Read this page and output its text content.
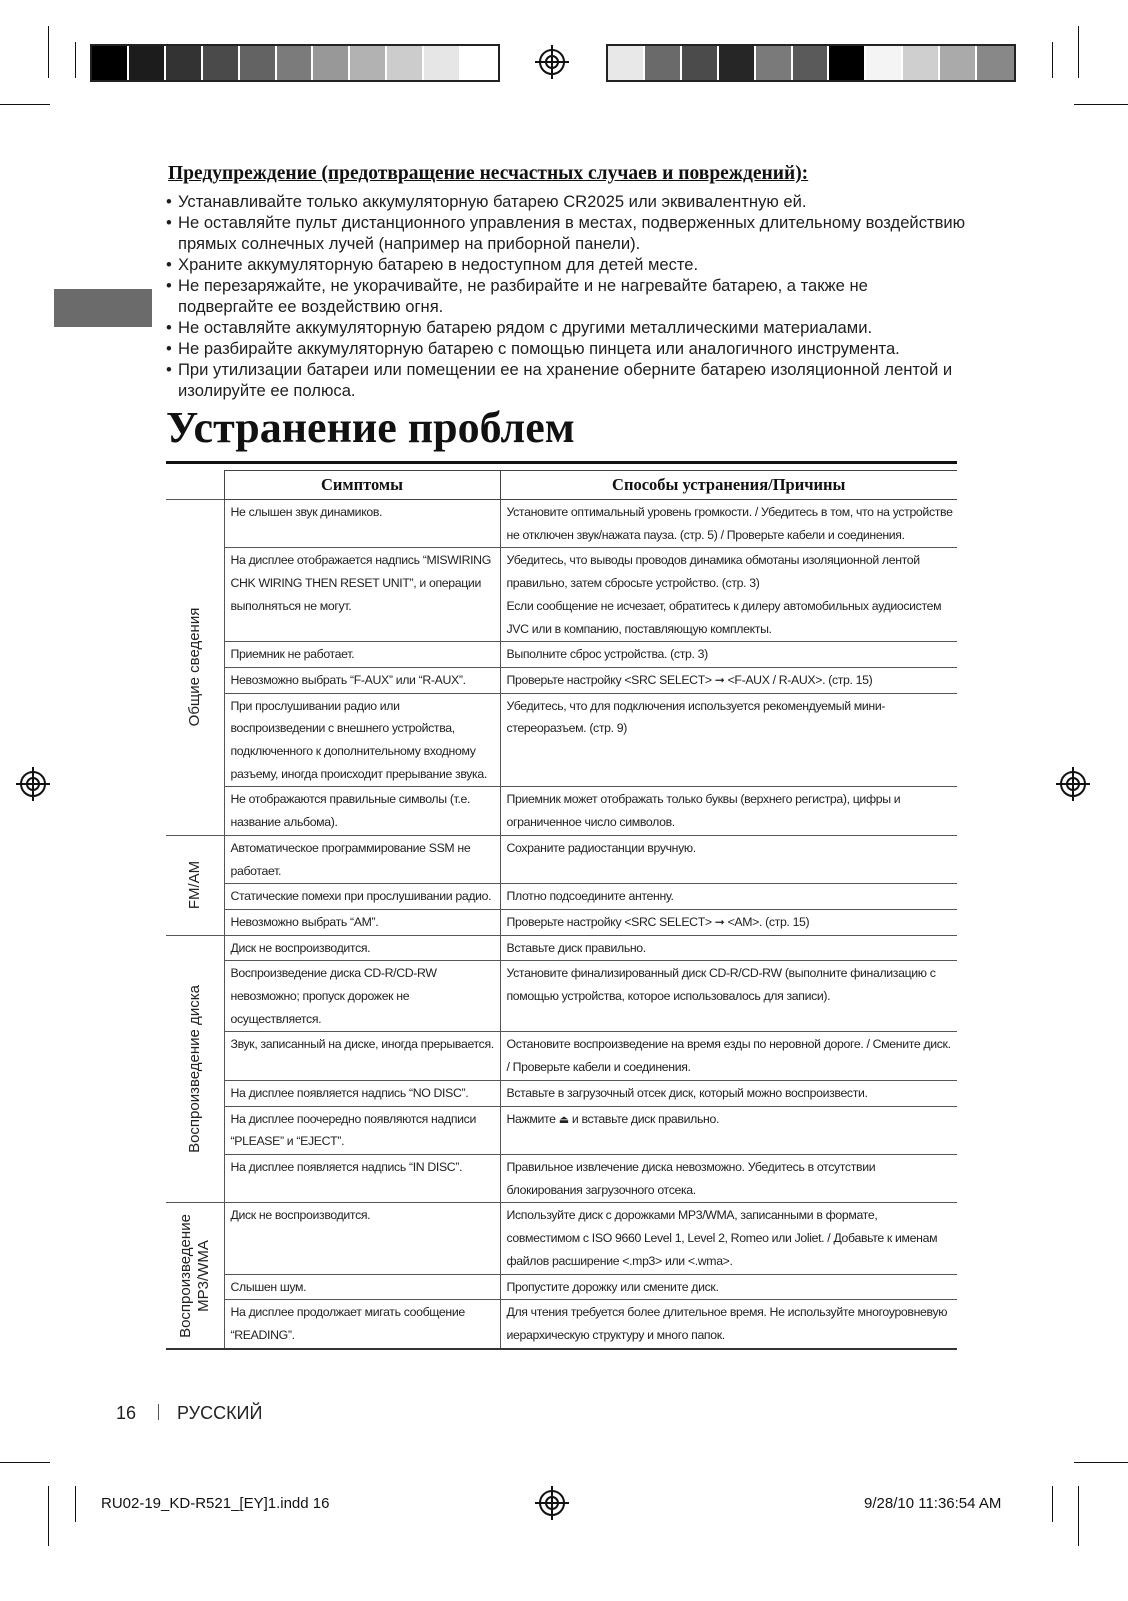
Предупреждение (предотвращение несчастных случаев и повреждений):
• Устанавливайте только аккумуляторную батарею CR2025 или эквивалентную ей.
• Не оставляйте пульт дистанционного управления в местах, подверженных длительному воздействию прямых солнечных лучей (например на приборной панели).
• Храните аккумуляторную батарею в недоступном для детей месте.
• Не перезаряжайте, не укорачивайте, не разбирайте и не нагревайте батарею, а также не подвергайте ее воздействию огня.
• Не оставляйте аккумуляторную батарею рядом с другими металлическими материалами.
• Не разбирайте аккумуляторную батарею с помощью пинцета или аналогичного инструмента.
• При утилизации батареи или помещении ее на хранение оберните батарею изоляционной лентой и изолируйте ее полюса.
Устранение проблем
	Симптомы	Способы устранения/Причины

Общие сведения	Не слышен звук динамиков.	Установите оптимальный уровень громкости. / Убедитесь в том, что на устройстве не отключен звук/нажата пауза. (стр. 5) / Проверьте кабели и соединения.
	На дисплее отображается надпись “MISWIRING CHK WIRING THEN RESET UNIT”, и операции выполняться не могут.	Убедитесь, что выводы проводов динамика обмотаны изоляционной лентой правильно, затем сбросьте устройство. (стр. 3)
Если сообщение не исчезает, обратитесь к дилеру автомобильных аудиосистем JVC или в компанию, поставляющую комплекты.

	Приемник не работает.	Выполните сброс устройства. (стр. 3)
	Невозможно выбрать “F-AUX” или “R-AUX”.	Проверьте настройку <SRC SELECT> ➞ <F-AUX / R-AUX>. (стр. 15)
	При прослушивании радио или воспроизведении с внешнего устройства, подключенного к дополнительному входному разъему, иногда происходит прерывание звука.	Убедитесь, что для подключения используется рекомендуемый мини-стереоразъем. (стр. 9)
	Не отображаются правильные символы (т.е. название альбома).	Приемник может отображать только буквы (верхнего регистра), цифры и ограниченное число символов.

FM/AM	Автоматическое программирование SSM не работает.	Сохраните радиостанции вручную.
	Статические помехи при прослушивании радио.	Плотно подсоедините антенну.
	Невозможно выбрать “AM”.	Проверьте настройку <SRC SELECT> ➞ <AM>. (стр. 15)

Воспроизведение диска	Диск не воспроизводится.	Вставьте диск правильно.
	Воспроизведение диска CD-R/CD-RW невозможно; пропуск дорожек не осуществляется.	Установите финализированный диск CD-R/CD-RW (выполните финализацию с помощью устройства, которое использовалось для записи).
	Звук, записанный на диске, иногда прерывается.	Остановите воспроизведение на время езды по неровной дороге. / Смените диск. / Проверьте кабели и соединения.
	На дисплее появляется надпись “NO DISC”.	Вставьте в загрузочный отсек диск, который можно воспроизвести.
	На дисплее поочередно появляются надписи “PLEASE” и “EJECT”.	Нажмите ⏏ и вставьте диск правильно.
	На дисплее появляется надпись “IN DISC”.	Правильное извлечение диска невозможно. Убедитесь в отсутствии блокирования загрузочного отсека.

Воспроизведение MP3/WMA	Диск не воспроизводится.	Используйте диск с дорожками MP3/WMA, записанными в формате, совместимом с ISO 9660 Level 1, Level 2, Romeo или Joliet. / Добавьте к именам файлов расширение <.mp3> или <.wma>.
	Слышен шум.	Пропустите дорожку или смените диск.
	На дисплее продолжает мигать сообщение “READING”.	Для чтения требуется более длительное время. Не используйте многоуровневую иерархическую структуру и много папок.
16 РУССКИЙ
RU02-19_KD-R521_[EY]1.indd 16	9/28/10 11:36:54 AM
